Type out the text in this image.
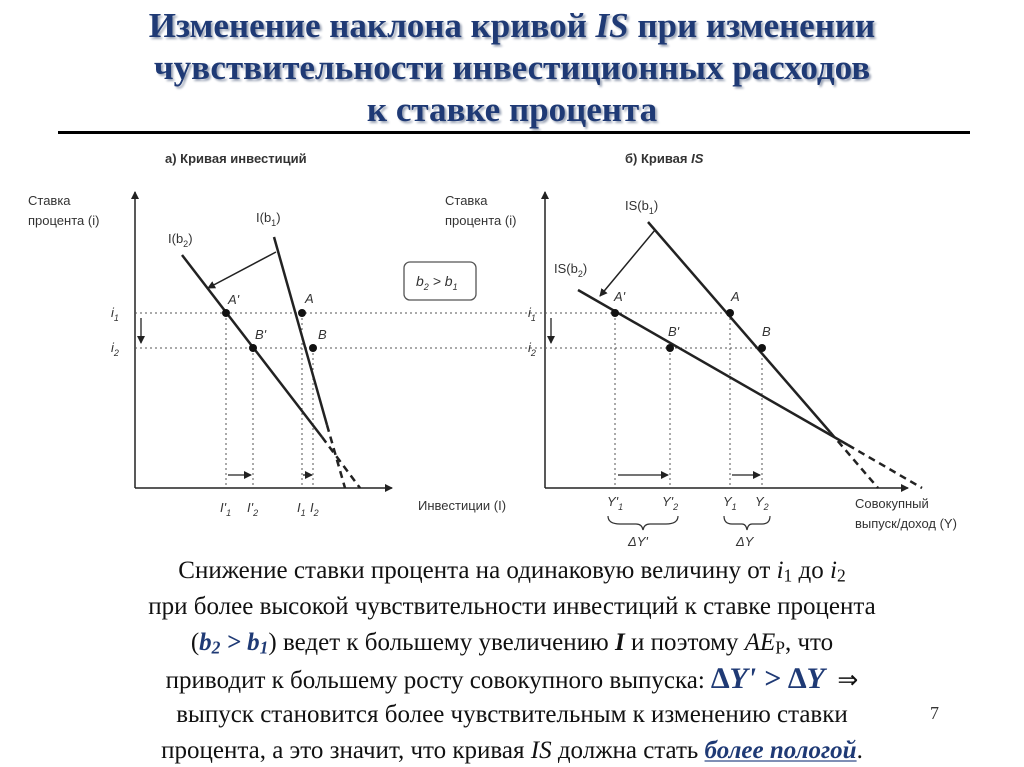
Изменение наклона кривой IS при изменении
чувствительности инвестиционных расходов
к ставке процента
а) Кривая инвестиций
Ставка
процента (i)
Инвестиции (I)
$I(b_1)$
$I(b_2)$
A'
B'
A
B
$i_1$
$i_2$
$I'_1$ $I'_2$	$I_1$ $I_2$
$b_2 > b_1$
б) Кривая IS
Ставка
процента (i)
Совокупный
выпуск/доход (Y)
$IS(b_1)$
$IS(b_2)$
A'
B'
A
B
$i_1$
$i_2$
$Y'_1$	$Y'_2$	$Y_1$ $Y_2$
ΔY'	ΔY
Снижение ставки процента на одинаковую величину от $i_1$ до $i_2$
при более высокой чувствительности инвестиций к ставке процента
$(b_2 > b_1)$ ведет к большему увеличению I и поэтому $AE_P$, что
приводит к большему росту совокупного выпуска: ∆Y' > ∆Y ⇒
выпуск становится более чувствительным к изменению ставки
процента, а это значит, что кривая IS должна стать более пологой.
7
